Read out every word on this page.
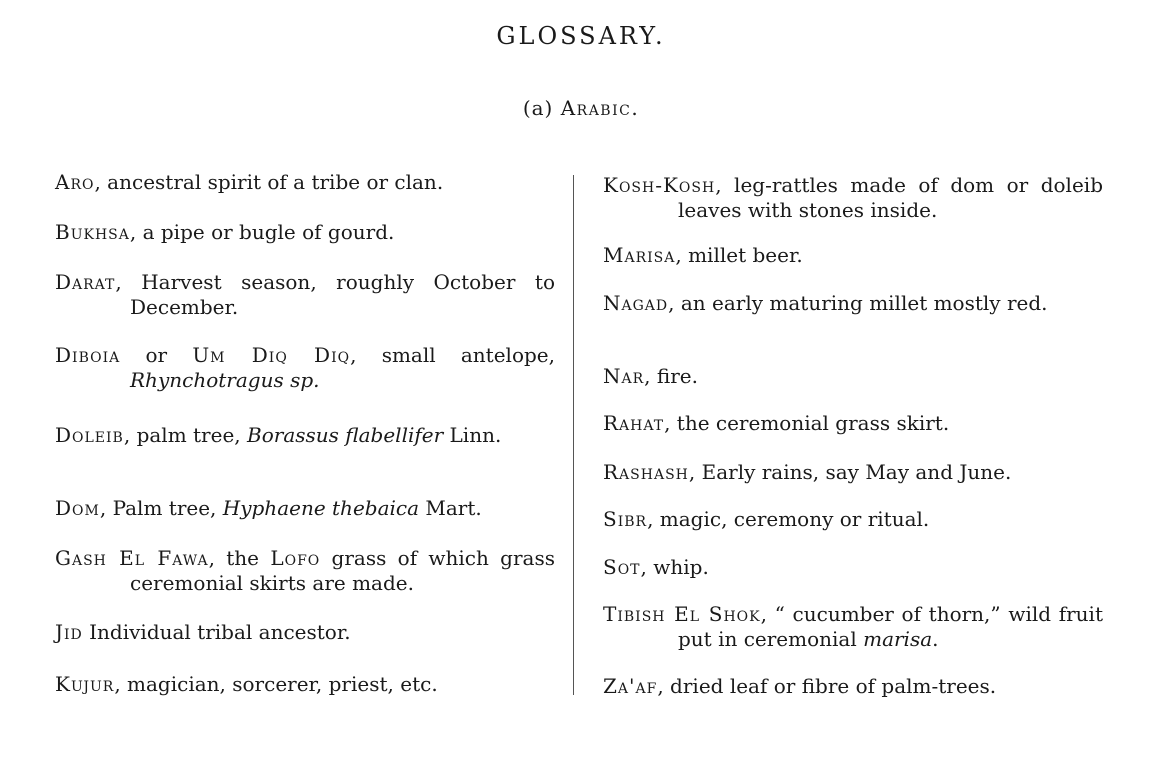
GLOSSARY.
(a) Arabic.
Aro, ancestral spirit of a tribe or clan.
Bukhsa, a pipe or bugle of gourd.
Darat, Harvest season, roughly October to December.
Diboia or Um Diq Diq, small antelope, Rhynchotragus sp.
Doleib, palm tree, Borassus flabellifer Linn.
Dom, Palm tree, Hyphaene thebaica Mart.
Gash El Fawa, the Lofo grass of which grass ceremonial skirts are made.
Jid Individual tribal ancestor.
Kujur, magician, sorcerer, priest, etc.
Kosh-Kosh, leg-rattles made of dom or doleib leaves with stones inside.
Marisa, millet beer.
Nagad, an early maturing millet mostly red.
Nar, fire.
Rahat, the ceremonial grass skirt.
Rashash, Early rains, say May and June.
Sibr, magic, ceremony or ritual.
Sot, whip.
Tibish El Shok, “ cucumber of thorn,” wild fruit put in ceremonial marisa.
Za'af, dried leaf or fibre of palm-trees.
